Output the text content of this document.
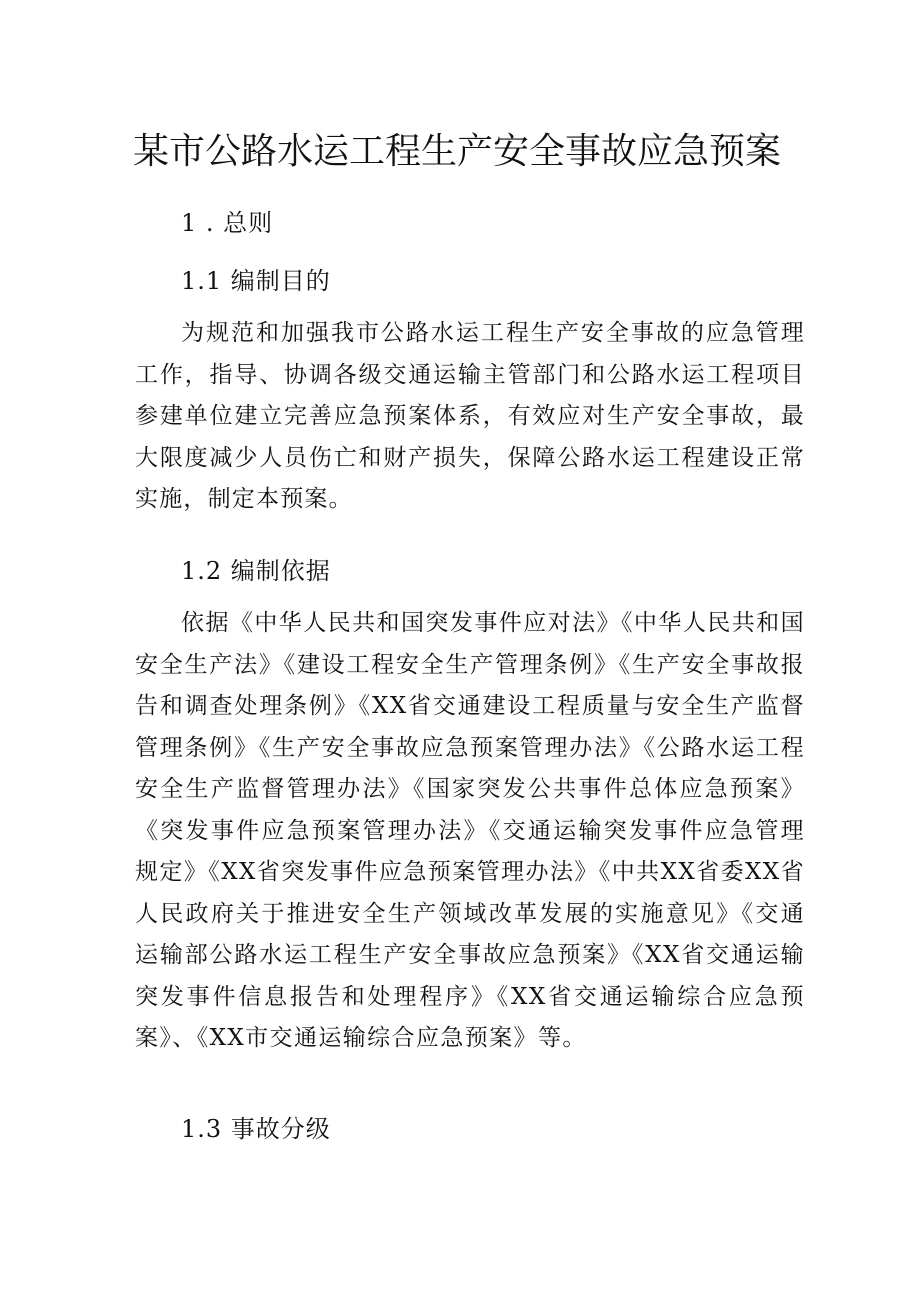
某市公路水运工程生产安全事故应急预案
1 . 总则
1.1 编制目的

为规范和加强我市公路水运工程生产安全事故的应急管理工作，指导、协调各级交通运输主管部门和公路水运工程项目参建单位建立完善应急预案体系，有效应对生产安全事故，最大限度减少人员伤亡和财产损失，保障公路水运工程建设正常实施，制定本预案。

1.2 编制依据

依据《中华人民共和国突发事件应对法》《中华人民共和国安全生产法》《建设工程安全生产管理条例》《生产安全事故报告和调查处理条例》《XX省交通建设工程质量与安全生产监督管理条例》《生产安全事故应急预案管理办法》《公路水运工程安全生产监督管理办法》《国家突发公共事件总体应急预案》《突发事件应急预案管理办法》《交通运输突发事件应急管理规定》《XX省突发事件应急预案管理办法》《中共XX省委XX省人民政府关于推进安全生产领域改革发展的实施意见》《交通运输部公路水运工程生产安全事故应急预案》《XX省交通运输突发事件信息报告和处理程序》《XX省交通运输综合应急预案》、《XX市交通运输综合应急预案》等。

1.3 事故分级
